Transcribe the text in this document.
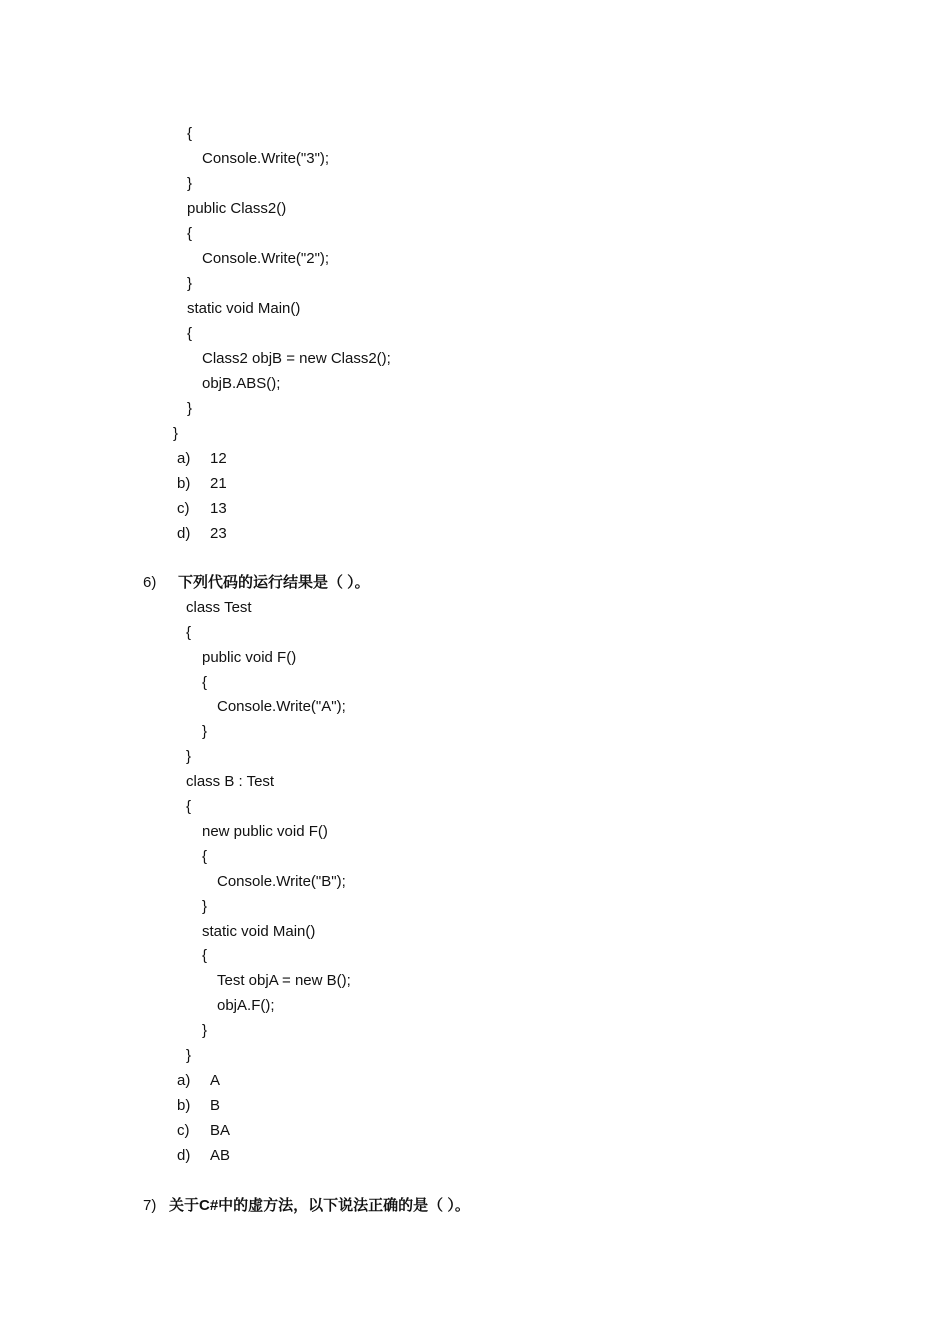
{
Console.Write("3");
}
public Class2()
{
Console.Write("2");
}
static void Main()
{
Class2 objB = new Class2();
objB.ABS();
}
}
a) 12
b) 21
c) 13
d) 23
6) 下列代码的运行结果是（ ）。
class Test
{
public void F()
{
Console.Write("A");
}
}
class B : Test
{
new public void F()
{
Console.Write("B");
}
static void Main()
{
Test objA = new B();
objA.F();
}
}
a) A
b) B
c) BA
d) AB
7) 关于C#中的虚方法，以下说法正确的是（ ）。
